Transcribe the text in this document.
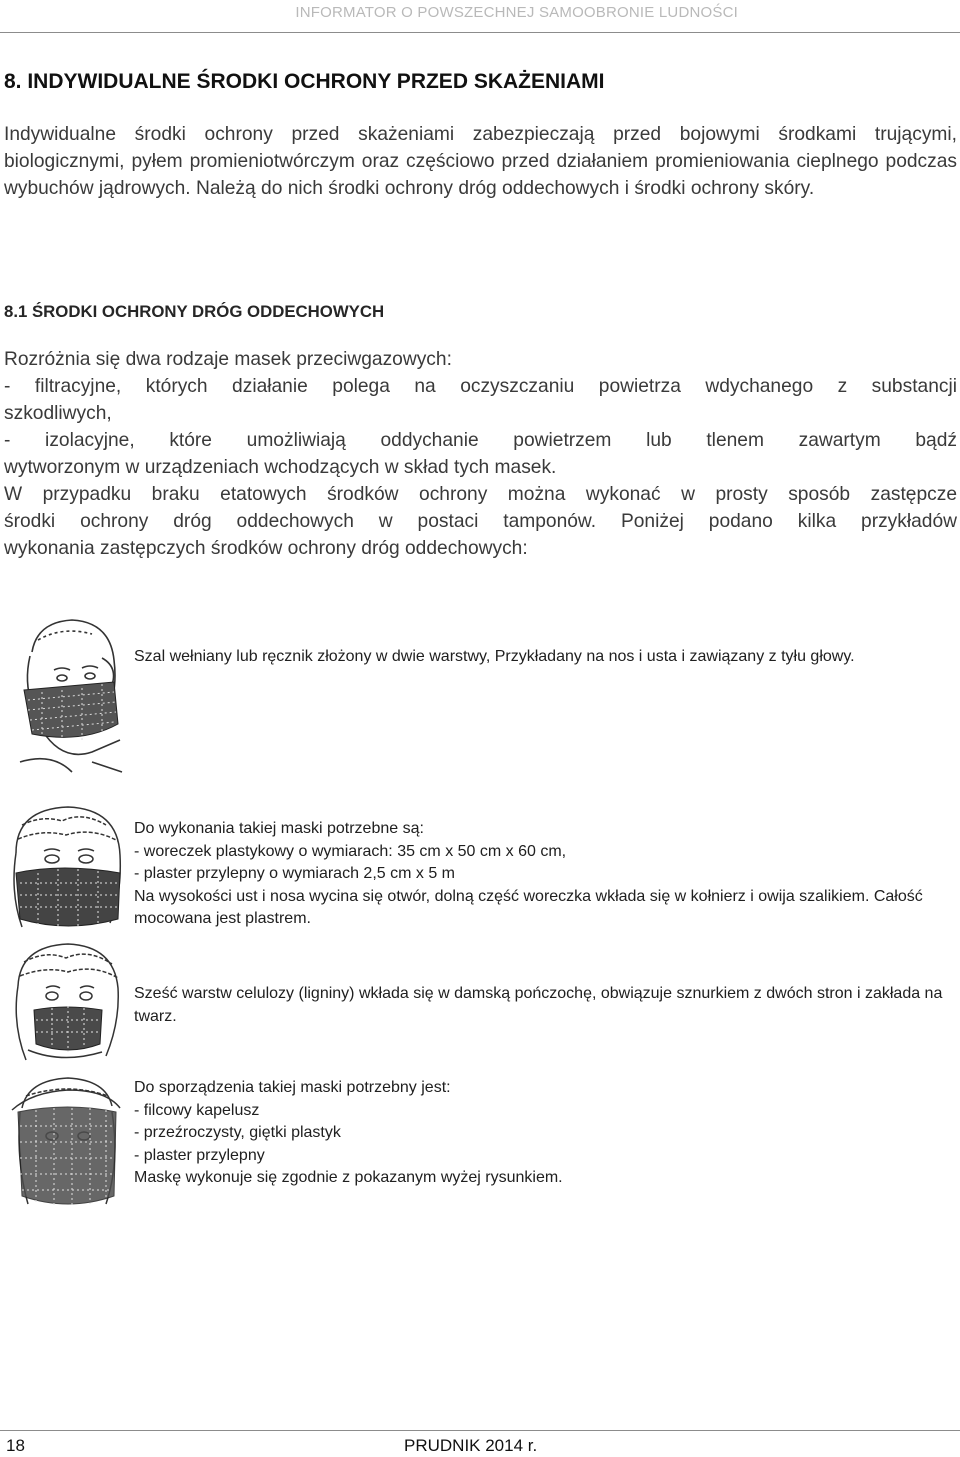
INFORMATOR O POWSZECHNEJ SAMOOBRONIE LUDNOŚCI
8. INDYWIDUALNE ŚRODKI OCHRONY PRZED SKAŻENIAMI
Indywidualne środki ochrony przed skażeniami zabezpieczają przed bojowymi środkami trującymi, biologicznymi, pyłem promieniotwórczym oraz częściowo przed działaniem promieniowania cieplnego podczas wybuchów jądrowych. Należą do nich środki ochrony dróg oddechowych i środki ochrony skóry.
8.1 ŚRODKI OCHRONY DRÓG ODDECHOWYCH
Rozróżnia się dwa rodzaje masek przeciwgazowych:
- filtracyjne, których działanie polega na oczyszczaniu powietrza wdychanego z substancji
szkodliwych,
- izolacyjne, które umożliwiają oddychanie powietrzem lub tlenem zawartym bądź
wytworzonym w urządzeniach wchodzących w skład tych masek.
W przypadku braku etatowych środków ochrony można wykonać w prosty sposób zastępcze
środki ochrony dróg oddechowych w postaci tamponów. Poniżej podano kilka przykładów
wykonania zastępczych środków ochrony dróg oddechowych:
Szal wełniany lub ręcznik złożony w dwie warstwy, Przykładany na nos i usta i zawiązany z tyłu głowy.
Do wykonania takiej maski potrzebne są:
- woreczek plastykowy o wymiarach: 35 cm x 50 cm x 60 cm,
- plaster przylepny o wymiarach 2,5 cm x 5 m
Na wysokości ust i nosa wycina się otwór, dolną część woreczka wkłada się w kołnierz i owija szalikiem. Całość mocowana jest plastrem.
Sześć warstw celulozy (ligniny) wkłada się w damską pończochę, obwiązuje sznurkiem z dwóch stron i zakłada na twarz.
Do sporządzenia takiej maski potrzebny jest:
- filcowy kapelusz
- przeźroczysty, giętki plastyk
- plaster przylepny
Maskę wykonuje się zgodnie z pokazanym wyżej rysunkiem.
18	PRUDNIK 2014 r.
